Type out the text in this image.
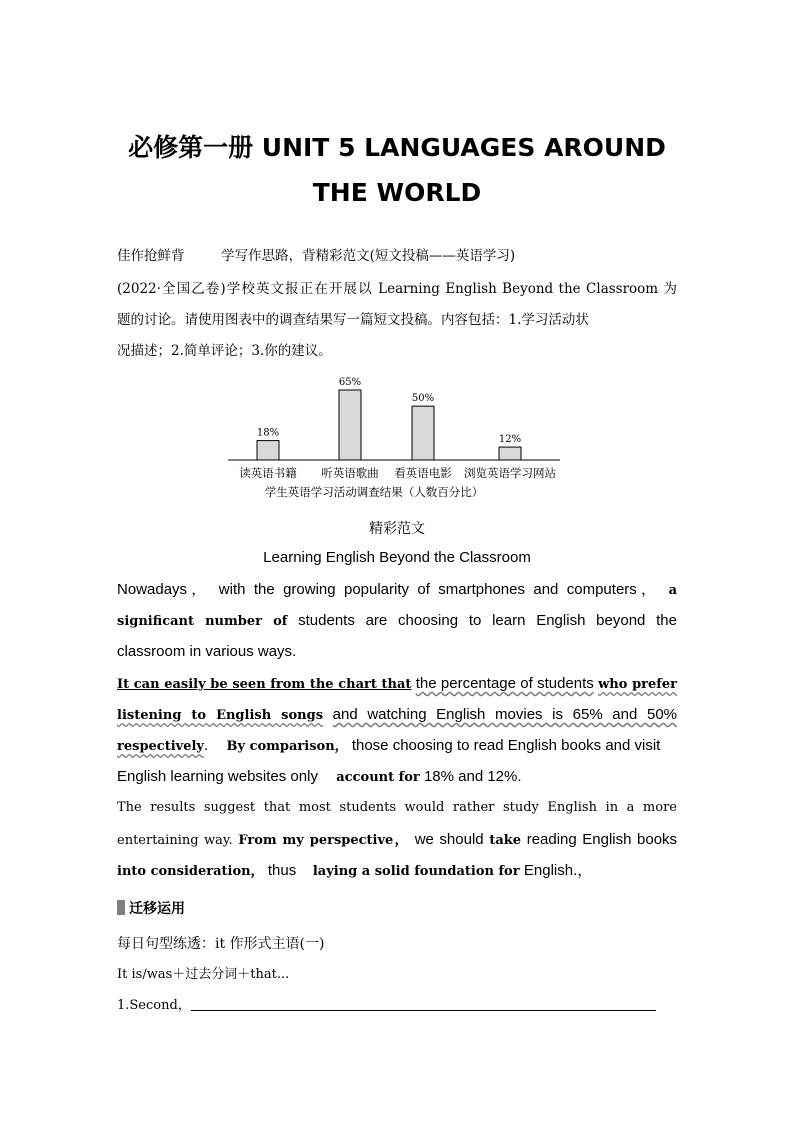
必修第一册 UNIT 5 LANGUAGES AROUND
THE WORLD
佳作抢鲜背	学写作思路，背精彩范文(短文投稿——英语学习)
(2022·全国乙卷)学校英文报正在开展以 Learning English Beyond the Classroom 为
题的讨论。请使用图表中的调查结果写一篇短文投稿。内容包括：1.学习活动状
况描述；2.简单评论；3.你的建议。
18%
65%
50%
12%
读英语书籍 听英语歌曲 看英语电影 浏览英语学习网站
学生英语学习活动调查结果（人数百分比）
精彩范文
Learning English Beyond the Classroom
Nowadays， with the growing popularity of smartphones and computers， a
significant number of students are choosing to learn English beyond the
classroom in various ways.
It can easily be seen from the chart that the percentage of students who prefer
listening to English songs and watching English movies is 65% and 50%
respectively. By comparison， those choosing to read English books and visit
English learning websites only account for 18% and 12%.
The results suggest that most students would rather study English in a more
entertaining way. From my perspective， we should take reading English books
into consideration， thus laying a solid foundation for English.，
迁移运用
每日句型练透：it 作形式主语(一)
It is/was＋过去分词＋that...
1.Second，
